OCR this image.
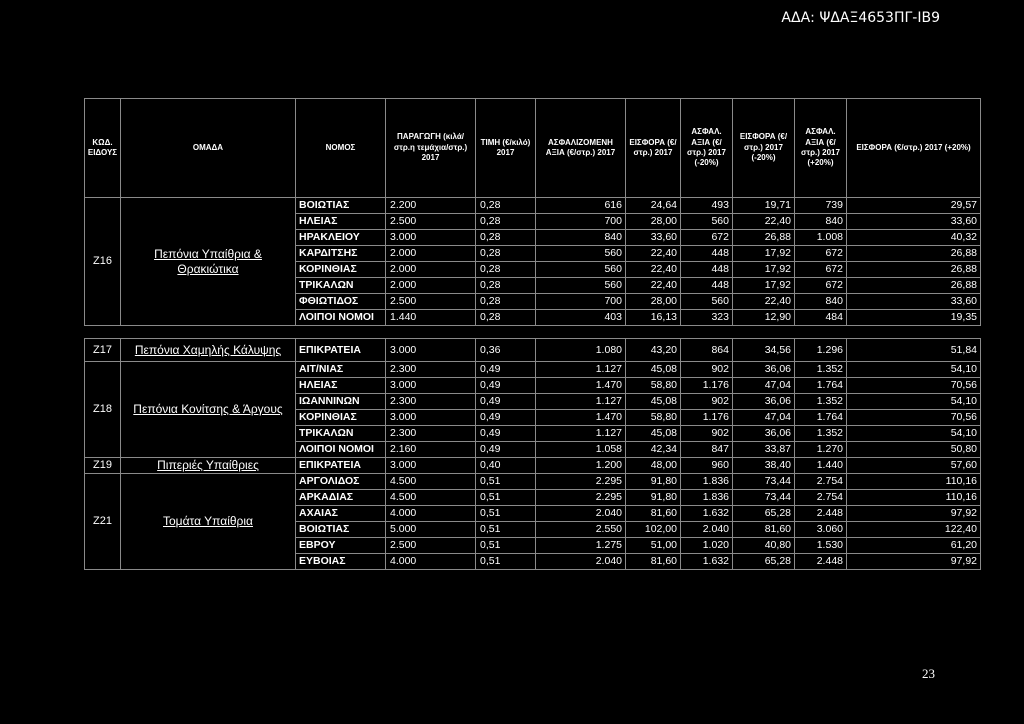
ΑΔΑ: ΨΔΑΞ4653ΠΓ-ΙΒ9
ΚΩΔ. ΕΙΔΟΥΣ	ΟΜΑΔΑ	ΝΟΜΟΣ	ΠΑΡΑΓΩΓΗ (κιλά/στρ.η τεμάχια/στρ.) 2017	ΤΙΜΗ (€/κιλό) 2017	ΑΣΦΑΛΙΖΟΜΕΝΗ ΑΞΙΑ (€/στρ.) 2017	ΕΙΣΦΟΡΑ (€/στρ.) 2017	ΑΣΦΑΛ. ΑΞΙΑ (€/στρ.) 2017 (-20%)	ΕΙΣΦΟΡΑ (€/στρ.) 2017 (-20%)	ΑΣΦΑΛ. ΑΞΙΑ (€/στρ.) 2017 (+20%)	ΕΙΣΦΟΡΑ (€/στρ.) 2017 (+20%)
Ζ16	Πεπόνια Υπαίθρια & Θρακιώτικα	ΒΟΙΩΤΙΑΣ	2.200	0,28	616	24,64	493	19,71	739	29,57
		ΗΛΕΙΑΣ	2.500	0,28	700	28,00	560	22,40	840	33,60
		ΗΡΑΚΛΕΙΟΥ	3.000	0,28	840	33,60	672	26,88	1.008	40,32
		ΚΑΡΔΙΤΣΗΣ	2.000	0,28	560	22,40	448	17,92	672	26,88
		ΚΟΡΙΝΘΙΑΣ	2.000	0,28	560	22,40	448	17,92	672	26,88
		ΤΡΙΚΑΛΩΝ	2.000	0,28	560	22,40	448	17,92	672	26,88
		ΦΘΙΩΤΙΔΟΣ	2.500	0,28	700	28,00	560	22,40	840	33,60
		ΛΟΙΠΟΙ ΝΟΜΟΙ	1.440	0,28	403	16,13	323	12,90	484	19,35

Ζ17	Πεπόνια Χαμηλής Κάλυψης	ΕΠΙΚΡΑΤΕΙΑ	3.000	0,36	1.080	43,20	864	34,56	1.296	51,84
Ζ18	Πεπόνια Κονίτσης & Άργους	ΑΙΤ/ΝΙΑΣ	2.300	0,49	1.127	45,08	902	36,06	1.352	54,10
		ΗΛΕΙΑΣ	3.000	0,49	1.470	58,80	1.176	47,04	1.764	70,56
		ΙΩΑΝΝΙΝΩΝ	2.300	0,49	1.127	45,08	902	36,06	1.352	54,10
		ΚΟΡΙΝΘΙΑΣ	3.000	0,49	1.470	58,80	1.176	47,04	1.764	70,56
		ΤΡΙΚΑΛΩΝ	2.300	0,49	1.127	45,08	902	36,06	1.352	54,10
		ΛΟΙΠΟΙ ΝΟΜΟΙ	2.160	0,49	1.058	42,34	847	33,87	1.270	50,80
Ζ19	Πιπεριές Υπαίθριες	ΕΠΙΚΡΑΤΕΙΑ	3.000	0,40	1.200	48,00	960	38,40	1.440	57,60
Ζ21	Τομάτα Υπαίθρια	ΑΡΓΟΛΙΔΟΣ	4.500	0,51	2.295	91,80	1.836	73,44	2.754	110,16
		ΑΡΚΑΔΙΑΣ	4.500	0,51	2.295	91,80	1.836	73,44	2.754	110,16
		ΑΧΑΙΑΣ	4.000	0,51	2.040	81,60	1.632	65,28	2.448	97,92
		ΒΟΙΩΤΙΑΣ	5.000	0,51	2.550	102,00	2.040	81,60	3.060	122,40
		ΕΒΡΟΥ	2.500	0,51	1.275	51,00	1.020	40,80	1.530	61,20
		ΕΥΒΟΙΑΣ	4.000	0,51	2.040	81,60	1.632	65,28	2.448	97,92
23
